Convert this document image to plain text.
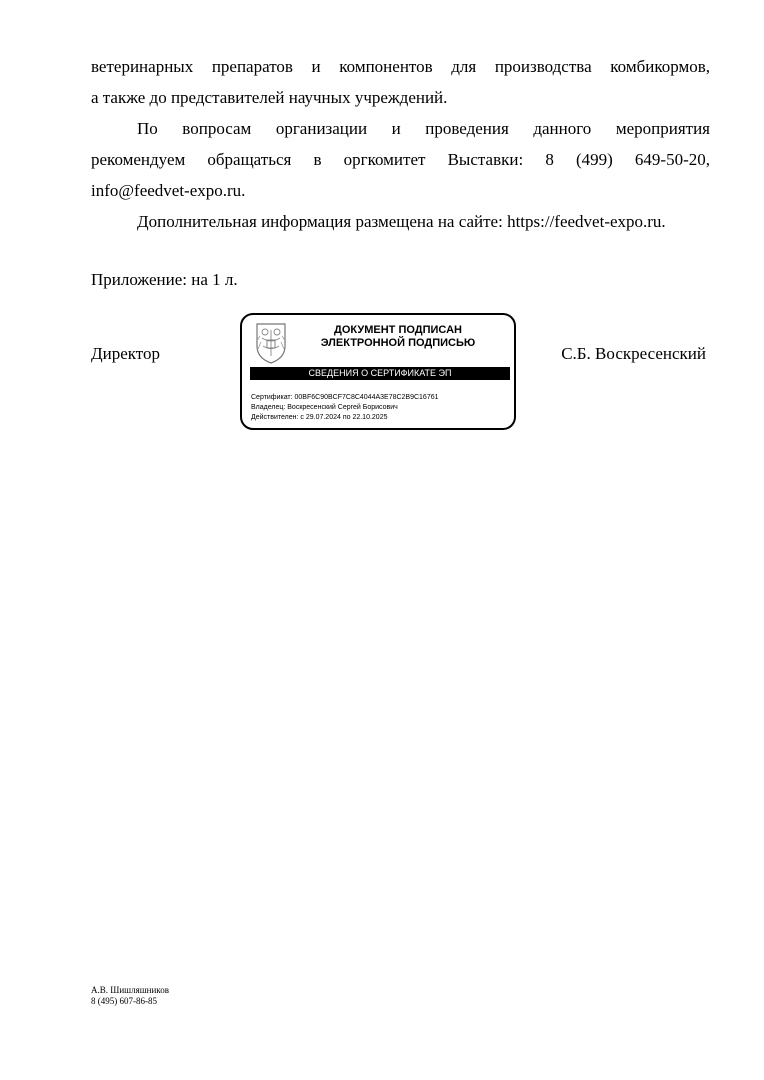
ветеринарных препаратов и компонентов для производства комбикормов,
а также до представителей научных учреждений.
По вопросам организации и проведения данного мероприятия
рекомендуем обращаться в оргкомитет Выставки: 8 (499) 649-50-20,
info@feedvet-expo.ru.
Дополнительная информация размещена на сайте: https://feedvet-expo.ru.
Приложение: на 1 л.
Директор	С.Б. Воскресенский
ДОКУМЕНТ ПОДПИСАН
ЭЛЕКТРОННОЙ ПОДПИСЬЮ
СВЕДЕНИЯ О СЕРТИФИКАТЕ ЭП
Сертификат: 00BF6C90BCF7C8C4044A3E78C2B9C16761
Владелец: Воскресенский Сергей Борисович
Действителен: с 29.07.2024 по 22.10.2025
А.В. Шишляшников
8 (495) 607-86-85
